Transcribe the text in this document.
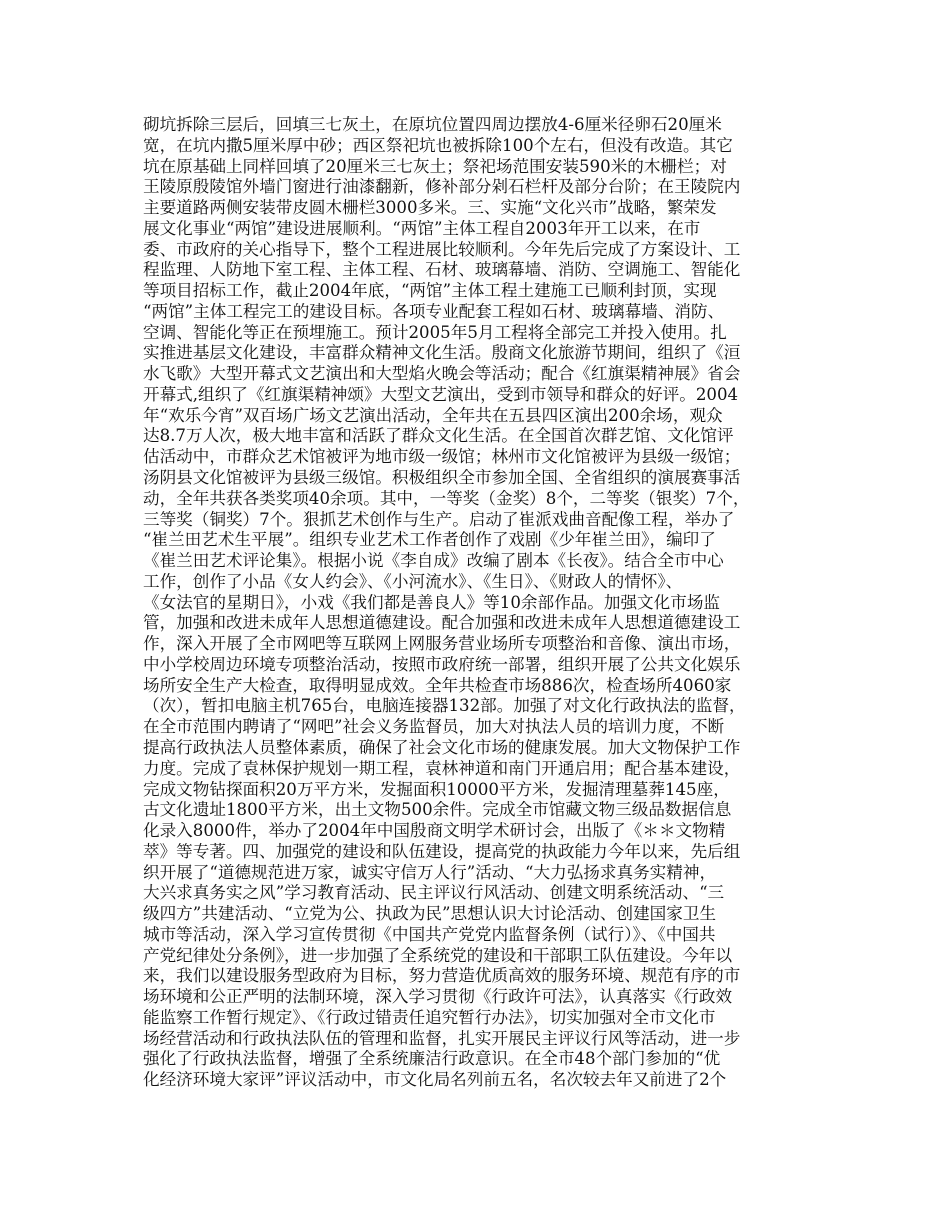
砌坑拆除三层后，回填三七灰土，在原坑位置四周边摆放4-6厘米径卵石20厘米
宽，在坑内撒5厘米厚中砂；西区祭祀坑也被拆除100个左右，但没有改造。其它
坑在原基础上同样回填了20厘米三七灰土；祭祀场范围安装590米的木栅栏；对
王陵原殷陵馆外墙门窗进行油漆翻新，修补部分剁石栏杆及部分台阶；在王陵院内
主要道路两侧安装带皮圆木栅栏3000多米。三、实施“文化兴市”战略，繁荣发
展文化事业“两馆”建设进展顺利。“两馆”主体工程自2003年开工以来，在市
委、市政府的关心指导下，整个工程进展比较顺利。今年先后完成了方案设计、工
程监理、人防地下室工程、主体工程、石材、玻璃幕墙、消防、空调施工、智能化
等项目招标工作，截止2004年底，“两馆”主体工程土建施工已顺利封顶，实现
“两馆”主体工程完工的建设目标。各项专业配套工程如石材、玻璃幕墙、消防、
空调、智能化等正在预埋施工。预计2005年5月工程将全部完工并投入使用。扎
实推进基层文化建设，丰富群众精神文化生活。殷商文化旅游节期间，组织了《洹
水飞歌》大型开幕式文艺演出和大型焰火晚会等活动；配合《红旗渠精神展》省会
开幕式,组织了《红旗渠精神颂》大型文艺演出，受到市领导和群众的好评。2004
年“欢乐今宵”双百场广场文艺演出活动，全年共在五县四区演出200余场，观众
达8.7万人次，极大地丰富和活跃了群众文化生活。在全国首次群艺馆、文化馆评
估活动中，市群众艺术馆被评为地市级一级馆；林州市文化馆被评为县级一级馆；
汤阴县文化馆被评为县级三级馆。积极组织全市参加全国、全省组织的演展赛事活
动，全年共获各类奖项40余项。其中，一等奖（金奖）8个，二等奖（银奖）7个，
三等奖（铜奖）7个。狠抓艺术创作与生产。启动了崔派戏曲音配像工程，举办了
“崔兰田艺术生平展”。组织专业艺术工作者创作了戏剧《少年崔兰田》，编印了
《崔兰田艺术评论集》。根据小说《李自成》改编了剧本《长夜》。结合全市中心
工作，创作了小品《女人约会》、《小河流水》、《生日》、《财政人的情怀》、
《女法官的星期日》，小戏《我们都是善良人》等10余部作品。加强文化市场监
管，加强和改进未成年人思想道德建设。配合加强和改进未成年人思想道德建设工
作，深入开展了全市网吧等互联网上网服务营业场所专项整治和音像、演出市场，
中小学校周边环境专项整治活动，按照市政府统一部署，组织开展了公共文化娱乐
场所安全生产大检查，取得明显成效。全年共检查市场886次，检查场所4060家
（次），暂扣电脑主机765台，电脑连接器132部。加强了对文化行政执法的监督，
在全市范围内聘请了“网吧”社会义务监督员，加大对执法人员的培训力度，不断
提高行政执法人员整体素质，确保了社会文化市场的健康发展。加大文物保护工作
力度。完成了袁林保护规划一期工程，袁林神道和南门开通启用；配合基本建设，
完成文物钻探面积20万平方米，发掘面积10000平方米，发掘清理墓葬145座，
古文化遗址1800平方米，出土文物500余件。完成全市馆藏文物三级品数据信息
化录入8000件，举办了2004年中国殷商文明学术研讨会，出版了《＊＊文物精
萃》等专著。四、加强党的建设和队伍建设，提高党的执政能力今年以来，先后组
织开展了“道德规范进万家，诚实守信万人行”活动、“大力弘扬求真务实精神，
大兴求真务实之风”学习教育活动、民主评议行风活动、创建文明系统活动、“三
级四方”共建活动、“立党为公、执政为民”思想认识大讨论活动、创建国家卫生
城市等活动，深入学习宣传贯彻《中国共产党党内监督条例（试行）》、《中国共
产党纪律处分条例》，进一步加强了全系统党的建设和干部职工队伍建设。今年以
来，我们以建设服务型政府为目标，努力营造优质高效的服务环境、规范有序的市
场环境和公正严明的法制环境，深入学习贯彻《行政许可法》，认真落实《行政效
能监察工作暂行规定》、《行政过错责任追究暂行办法》，切实加强对全市文化市
场经营活动和行政执法队伍的管理和监督，扎实开展民主评议行风等活动，进一步
强化了行政执法监督，增强了全系统廉洁行政意识。在全市48个部门参加的“优
化经济环境大家评”评议活动中，市文化局名列前五名，名次较去年又前进了2个
